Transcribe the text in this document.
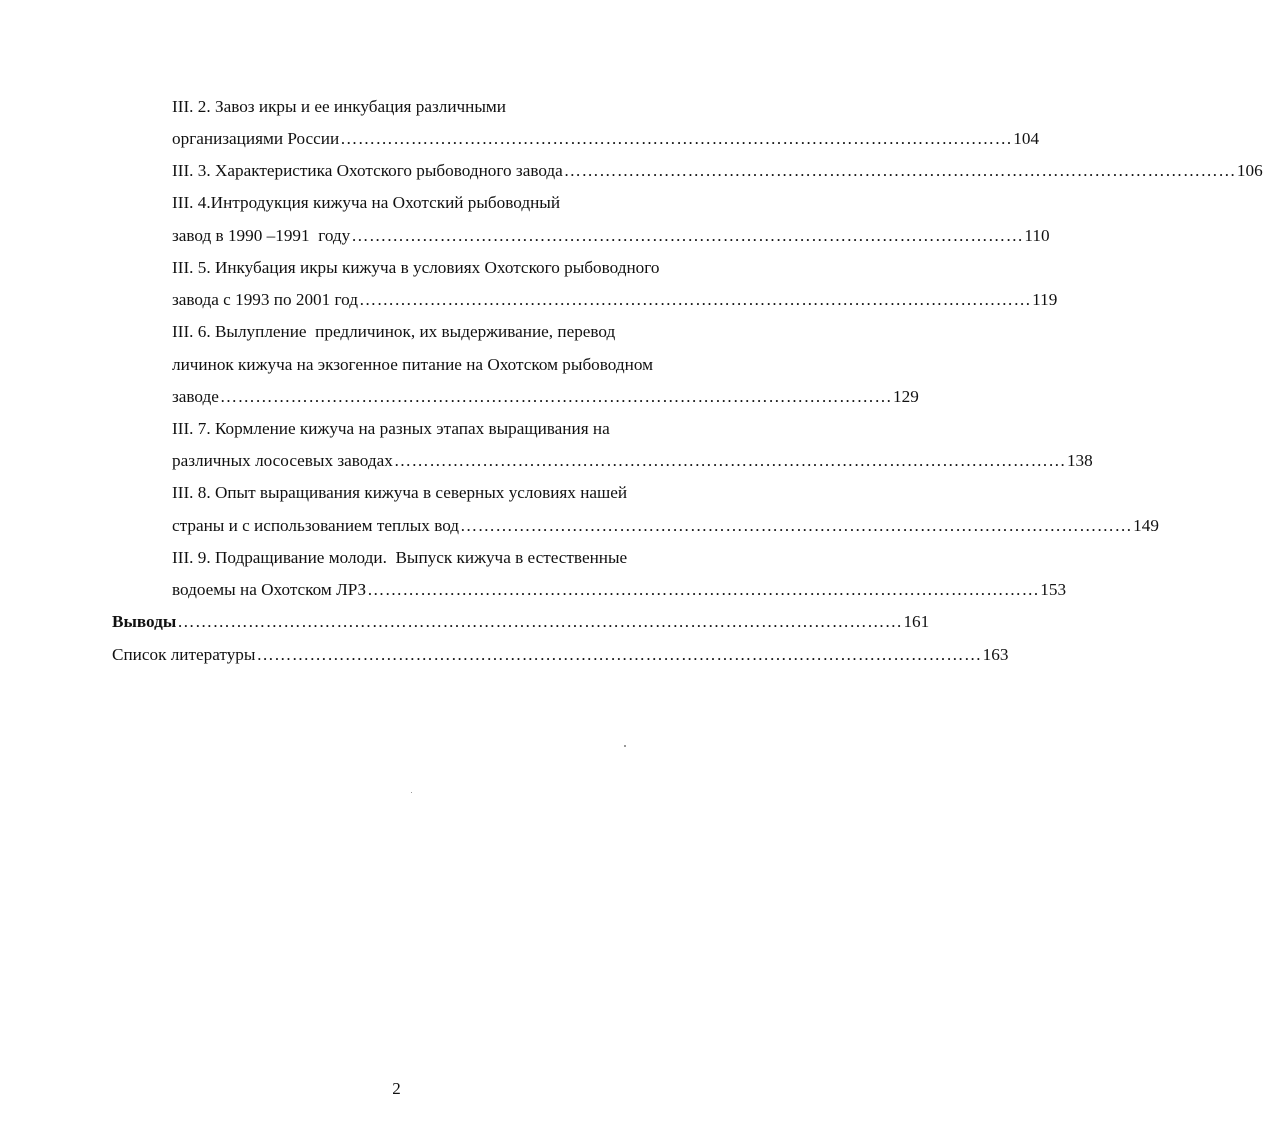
III. 2. Завоз икры и ее инкубация различными
организациями России …………………………………………………………………………………………………… 104
III. 3. Характеристика Охотского рыбоводного завода …………………………………………………………………………………………………… 106
III. 4.Интродукция кижуча на Охотский рыбоводный
завод в 1990 –1991  году …………………………………………………………………………………………………… 110
III. 5. Инкубация икры кижуча в условиях Охотского рыбоводного
завода с 1993 по 2001 год …………………………………………………………………………………………………… 119
III. 6. Вылупление  предличинок, их выдерживание, перевод
личинок кижуча на экзогенное питание на Охотском рыбоводном
заводе …………………………………………………………………………………………………… 129
III. 7. Кормление кижуча на разных этапах выращивания на
различных лососевых заводах …………………………………………………………………………………………………… 138
III. 8. Опыт выращивания кижуча в северных условиях нашей
страны и с использованием теплых вод …………………………………………………………………………………………………… 149
III. 9. Подращивание молоди.  Выпуск кижуча в естественные
водоемы на Охотском ЛРЗ …………………………………………………………………………………………………… 153
Выводы …………………………………………………………………………………………………………… 161
Список литературы …………………………………………………………………………………………………………… 163
2
